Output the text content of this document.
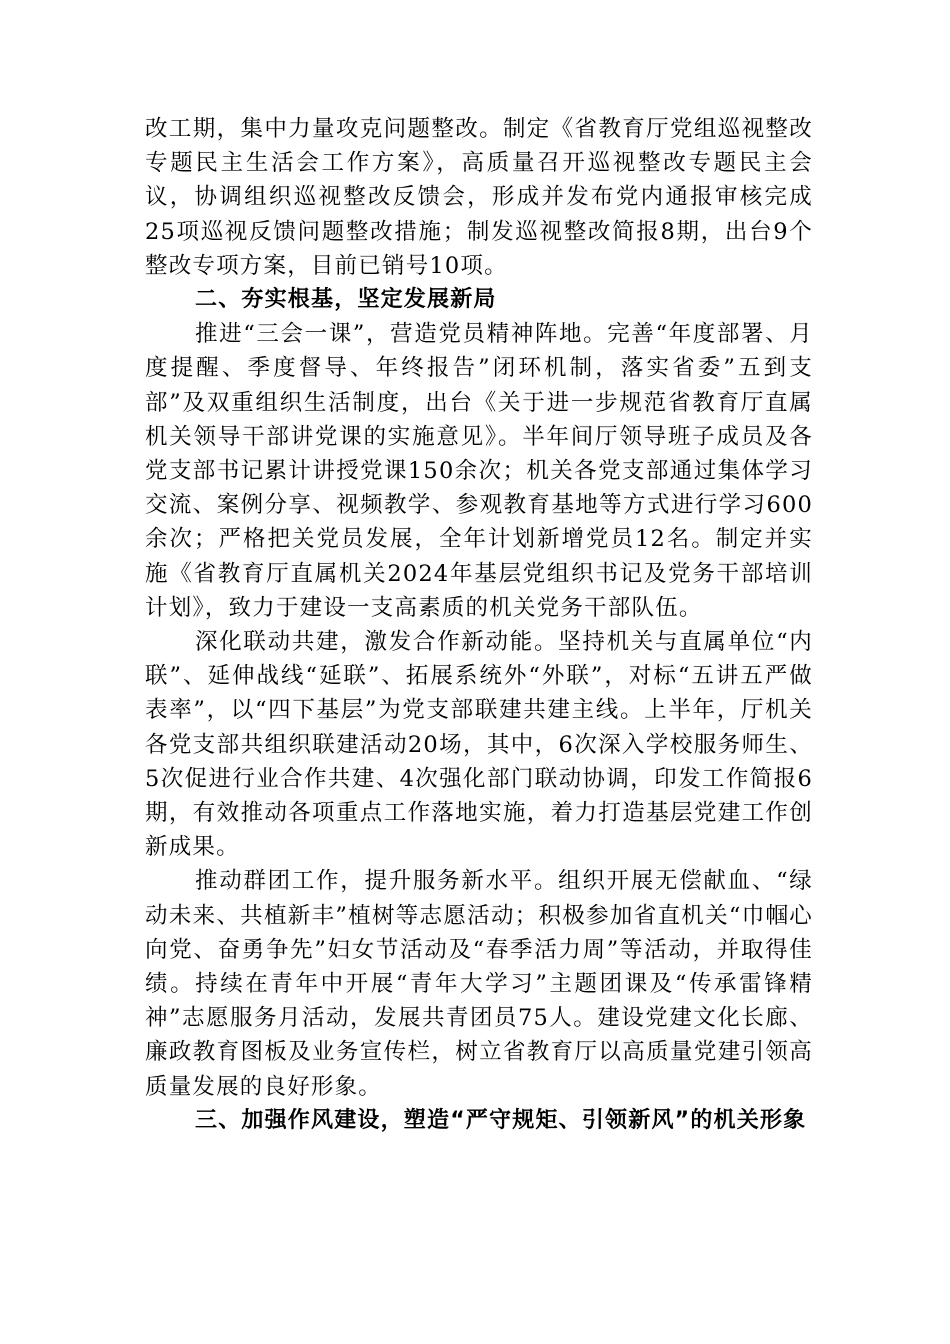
改工期，集中力量攻克问题整改。制定《省教育厅党组巡视整改专题民主生活会工作方案》，高质量召开巡视整改专题民主会议，协调组织巡视整改反馈会，形成并发布党内通报审核完成25项巡视反馈问题整改措施；制发巡视整改简报8期，出台9个整改专项方案，目前已销号10项。

二、夯实根基，坚定发展新局

推进“三会一课”，营造党员精神阵地。完善“年度部署、月度提醒、季度督导、年终报告”闭环机制，落实省委”五到支部”及双重组织生活制度，出台《关于进一步规范省教育厅直属机关领导干部讲党课的实施意见》。半年间厅领导班子成员及各党支部书记累计讲授党课150余次；机关各党支部通过集体学习交流、案例分享、视频教学、参观教育基地等方式进行学习600余次；严格把关党员发展，全年计划新增党员12名。制定并实施《省教育厅直属机关2024年基层党组织书记及党务干部培训计划》，致力于建设一支高素质的机关党务干部队伍。

深化联动共建，激发合作新动能。坚持机关与直属单位“内联”、延伸战线“延联”、拓展系统外“外联”，对标“五讲五严做表率”，以“四下基层”为党支部联建共建主线。上半年，厅机关各党支部共组织联建活动20场，其中，6次深入学校服务师生、5次促进行业合作共建、4次强化部门联动协调，印发工作简报6期，有效推动各项重点工作落地实施，着力打造基层党建工作创新成果。

推动群团工作，提升服务新水平。组织开展无偿献血、“绿动未来、共植新丰”植树等志愿活动；积极参加省直机关“巾帼心向党、奋勇争先”妇女节活动及“春季活力周”等活动，并取得佳绩。持续在青年中开展“青年大学习”主题团课及“传承雷锋精神”志愿服务月活动，发展共青团员75人。建设党建文化长廊、廉政教育图板及业务宣传栏，树立省教育厅以高质量党建引领高质量发展的良好形象。

三、加强作风建设，塑造“严守规矩、引领新风”的机关形象
